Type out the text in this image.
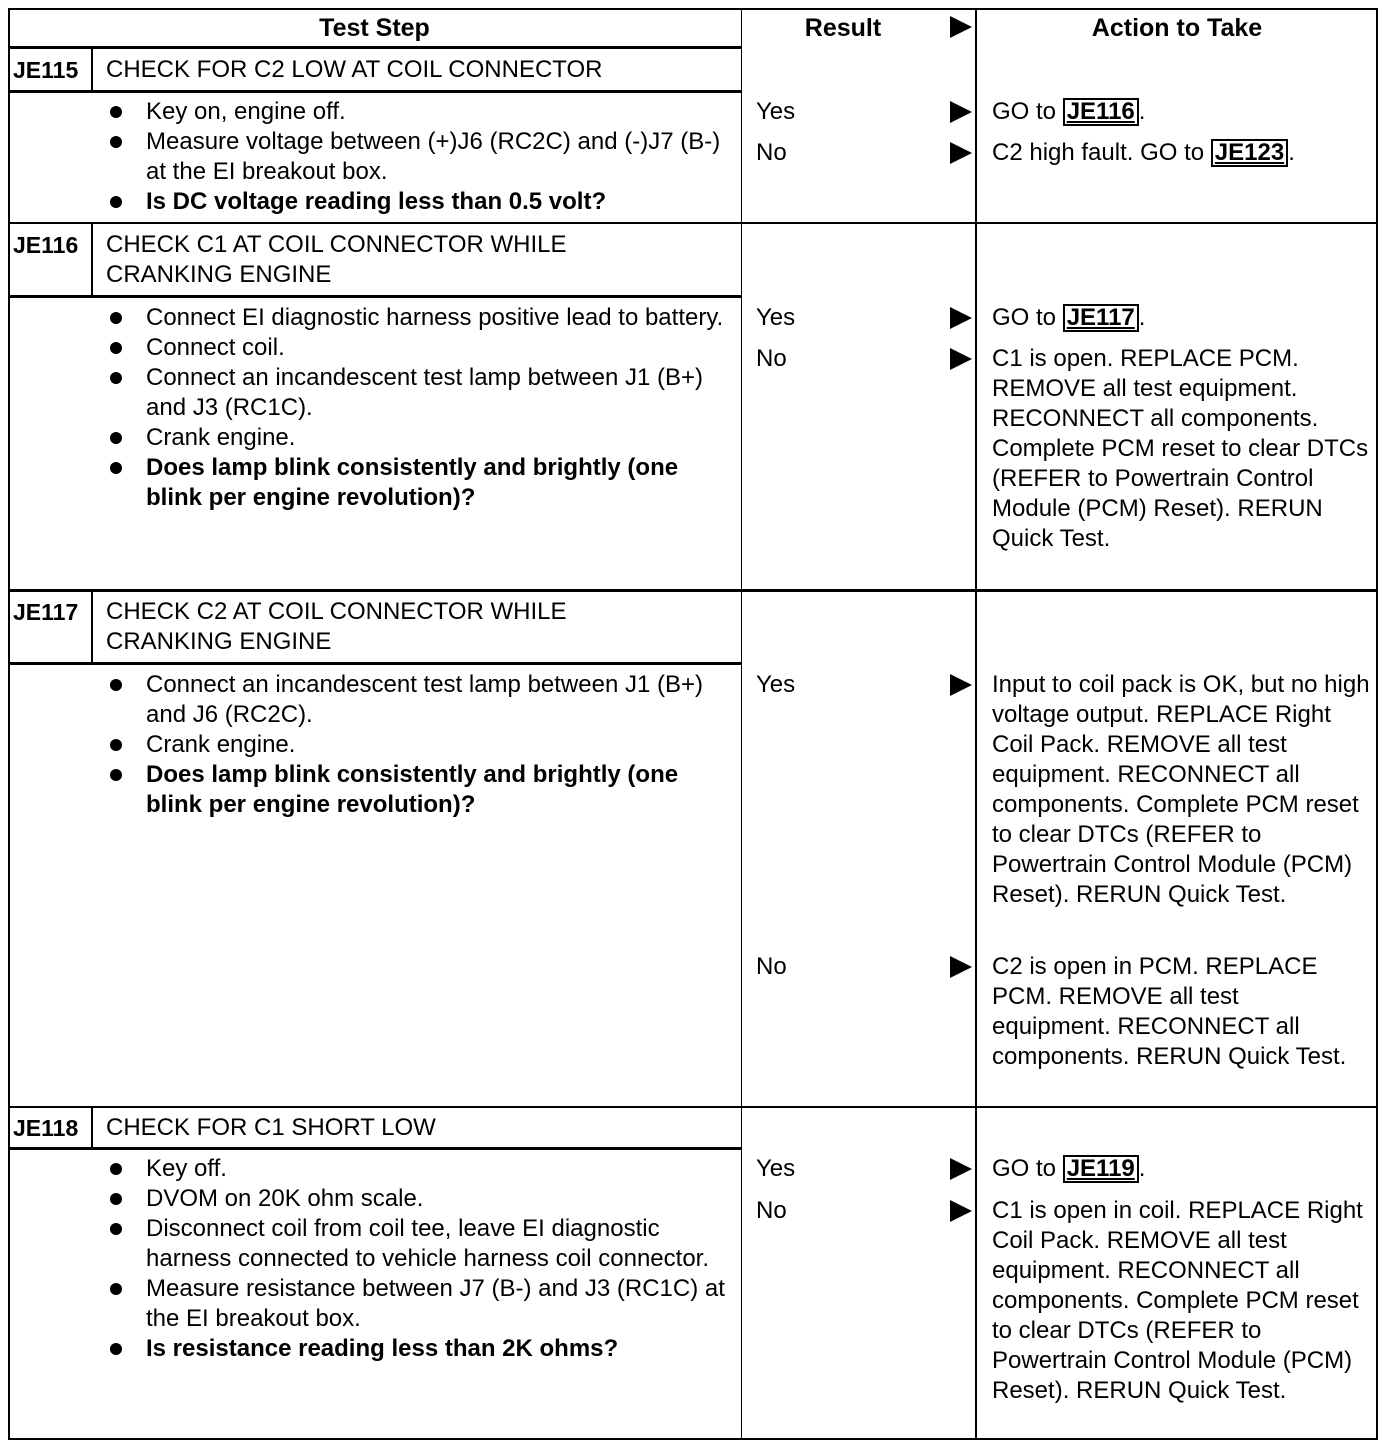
Test Step	Result	Action to Take
JE115 CHECK FOR C2 LOW AT COIL CONNECTOR
Key on, engine off.
Measure voltage between (+)J6 (RC2C) and (-)J7 (B-) at the EI breakout box.
Is DC voltage reading less than 0.5 volt?
Yes	GO to JE116 .
No	C2 high fault. GO to JE123 .
JE116 CHECK C1 AT COIL CONNECTOR WHILE CRANKING ENGINE
Connect EI diagnostic harness positive lead to battery.
Connect coil.
Connect an incandescent test lamp between J1 (B+) and J3 (RC1C).
Crank engine.
Does lamp blink consistently and brightly (one blink per engine revolution)?
Yes	GO to JE117 .
No	C1 is open. REPLACE PCM. REMOVE all test equipment. RECONNECT all components. Complete PCM reset to clear DTCs (REFER to Powertrain Control Module (PCM) Reset). RERUN Quick Test.
JE117 CHECK C2 AT COIL CONNECTOR WHILE CRANKING ENGINE
Connect an incandescent test lamp between J1 (B+) and J6 (RC2C).
Crank engine.
Does lamp blink consistently and brightly (one blink per engine revolution)?
Yes	Input to coil pack is OK, but no high voltage output. REPLACE Right Coil Pack. REMOVE all test equipment. RECONNECT all components. Complete PCM reset to clear DTCs (REFER to Powertrain Control Module (PCM) Reset). RERUN Quick Test.
No	C2 is open in PCM. REPLACE PCM. REMOVE all test equipment. RECONNECT all components. RERUN Quick Test.
JE118 CHECK FOR C1 SHORT LOW
Key off.
DVOM on 20K ohm scale.
Disconnect coil from coil tee, leave EI diagnostic harness connected to vehicle harness coil connector.
Measure resistance between J7 (B-) and J3 (RC1C) at the EI breakout box.
Is resistance reading less than 2K ohms?
Yes	GO to JE119 .
No	C1 is open in coil. REPLACE Right Coil Pack. REMOVE all test equipment. RECONNECT all components. Complete PCM reset to clear DTCs (REFER to Powertrain Control Module (PCM) Reset). RERUN Quick Test.
